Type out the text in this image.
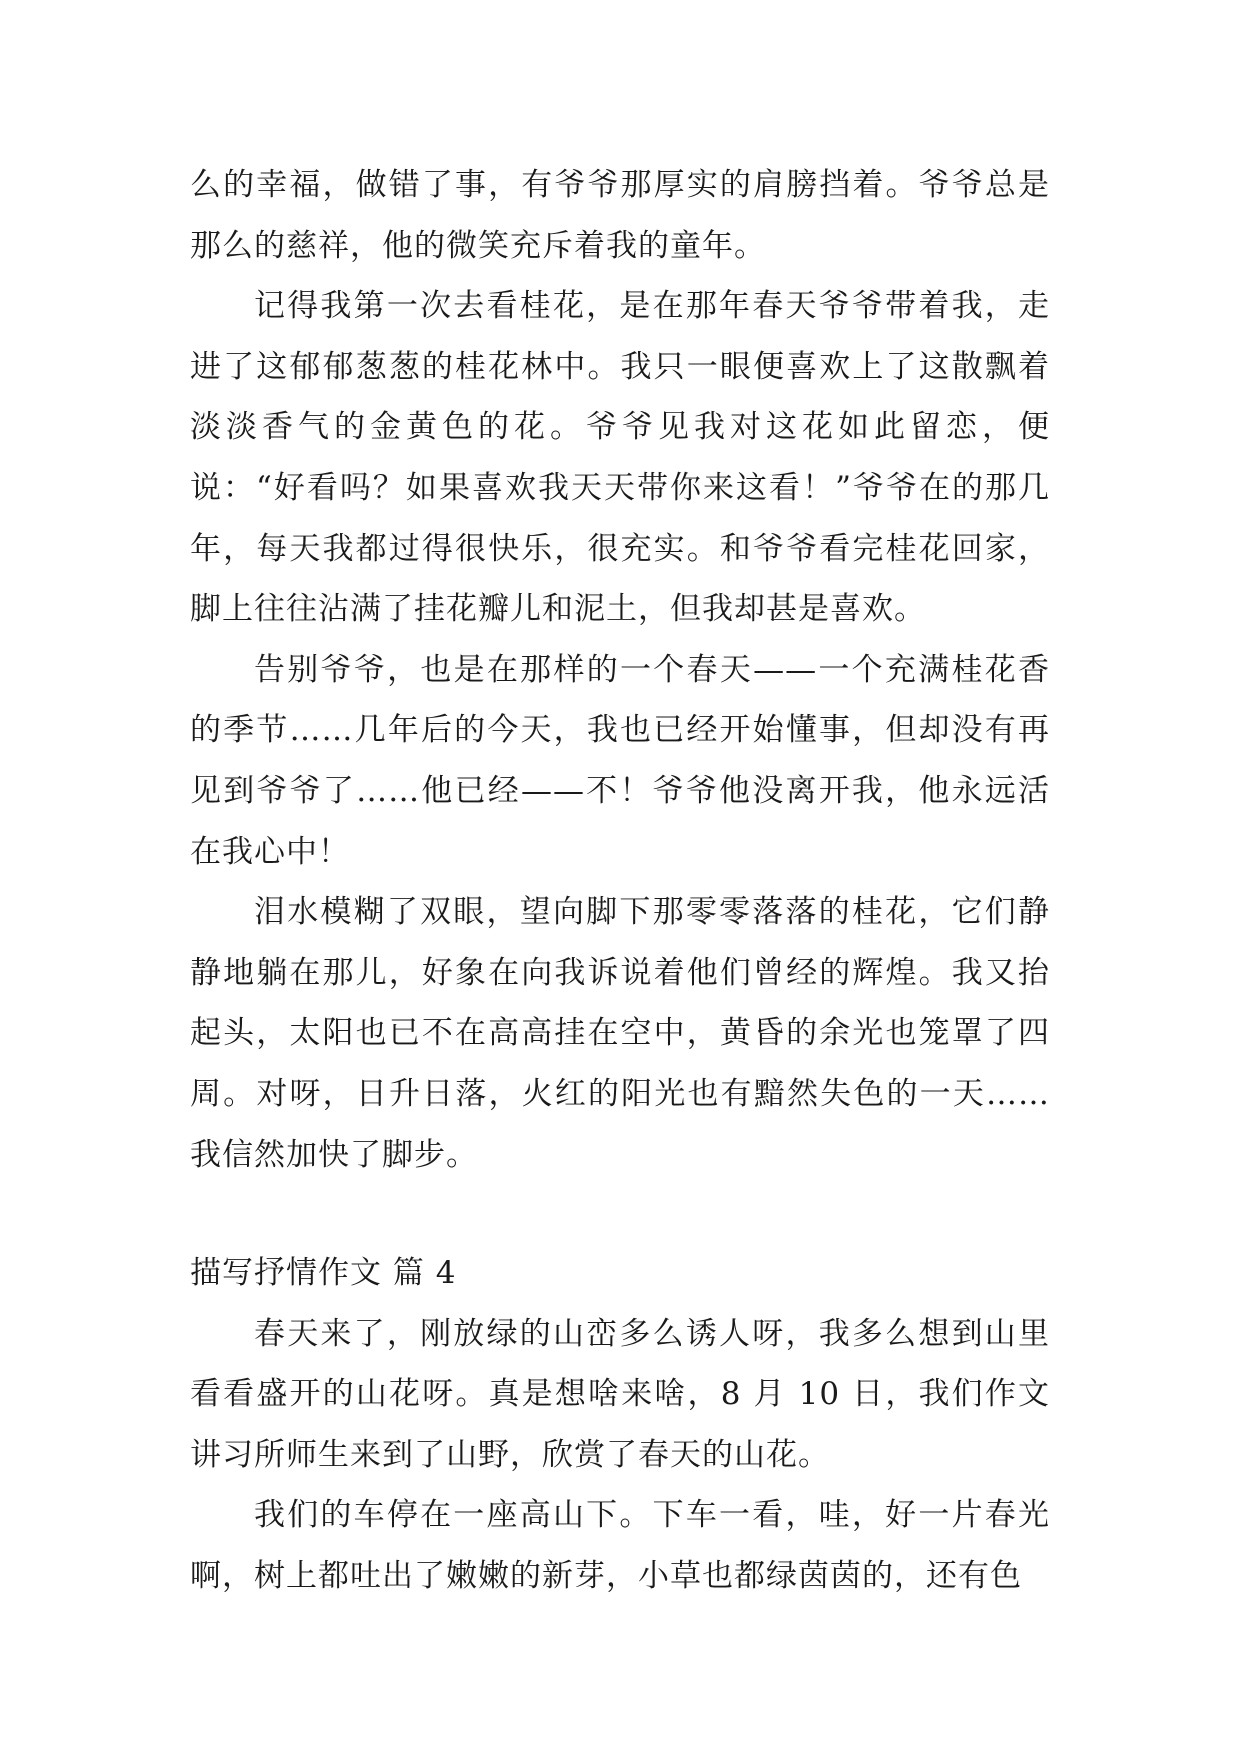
么的幸福，做错了事，有爷爷那厚实的肩膀挡着。爷爷总是那么的慈祥，他的微笑充斥着我的童年。

记得我第一次去看桂花，是在那年春天爷爷带着我，走进了这郁郁葱葱的桂花林中。我只一眼便喜欢上了这散飘着淡淡香气的金黄色的花。爷爷见我对这花如此留恋，便说：“好看吗？如果喜欢我天天带你来这看！”爷爷在的那几年，每天我都过得很快乐，很充实。和爷爷看完桂花回家，脚上往往沾满了挂花瓣儿和泥土，但我却甚是喜欢。

告别爷爷，也是在那样的一个春天——一个充满桂花香的季节……几年后的今天，我也已经开始懂事，但却没有再见到爷爷了……他已经——不！爷爷他没离开我，他永远活在我心中！

泪水模糊了双眼，望向脚下那零零落落的桂花，它们静静地躺在那儿，好象在向我诉说着他们曾经的辉煌。我又抬起头，太阳也已不在高高挂在空中，黄昏的余光也笼罩了四周。对呀，日升日落，火红的阳光也有黯然失色的一天……我信然加快了脚步。

描写抒情作文 篇 4

春天来了，刚放绿的山峦多么诱人呀，我多么想到山里看看盛开的山花呀。真是想啥来啥，8 月 10 日，我们作文讲习所师生来到了山野，欣赏了春天的山花。

我们的车停在一座高山下。下车一看，哇，好一片春光啊，树上都吐出了嫩嫩的新芽，小草也都绿茵茵的，还有色
